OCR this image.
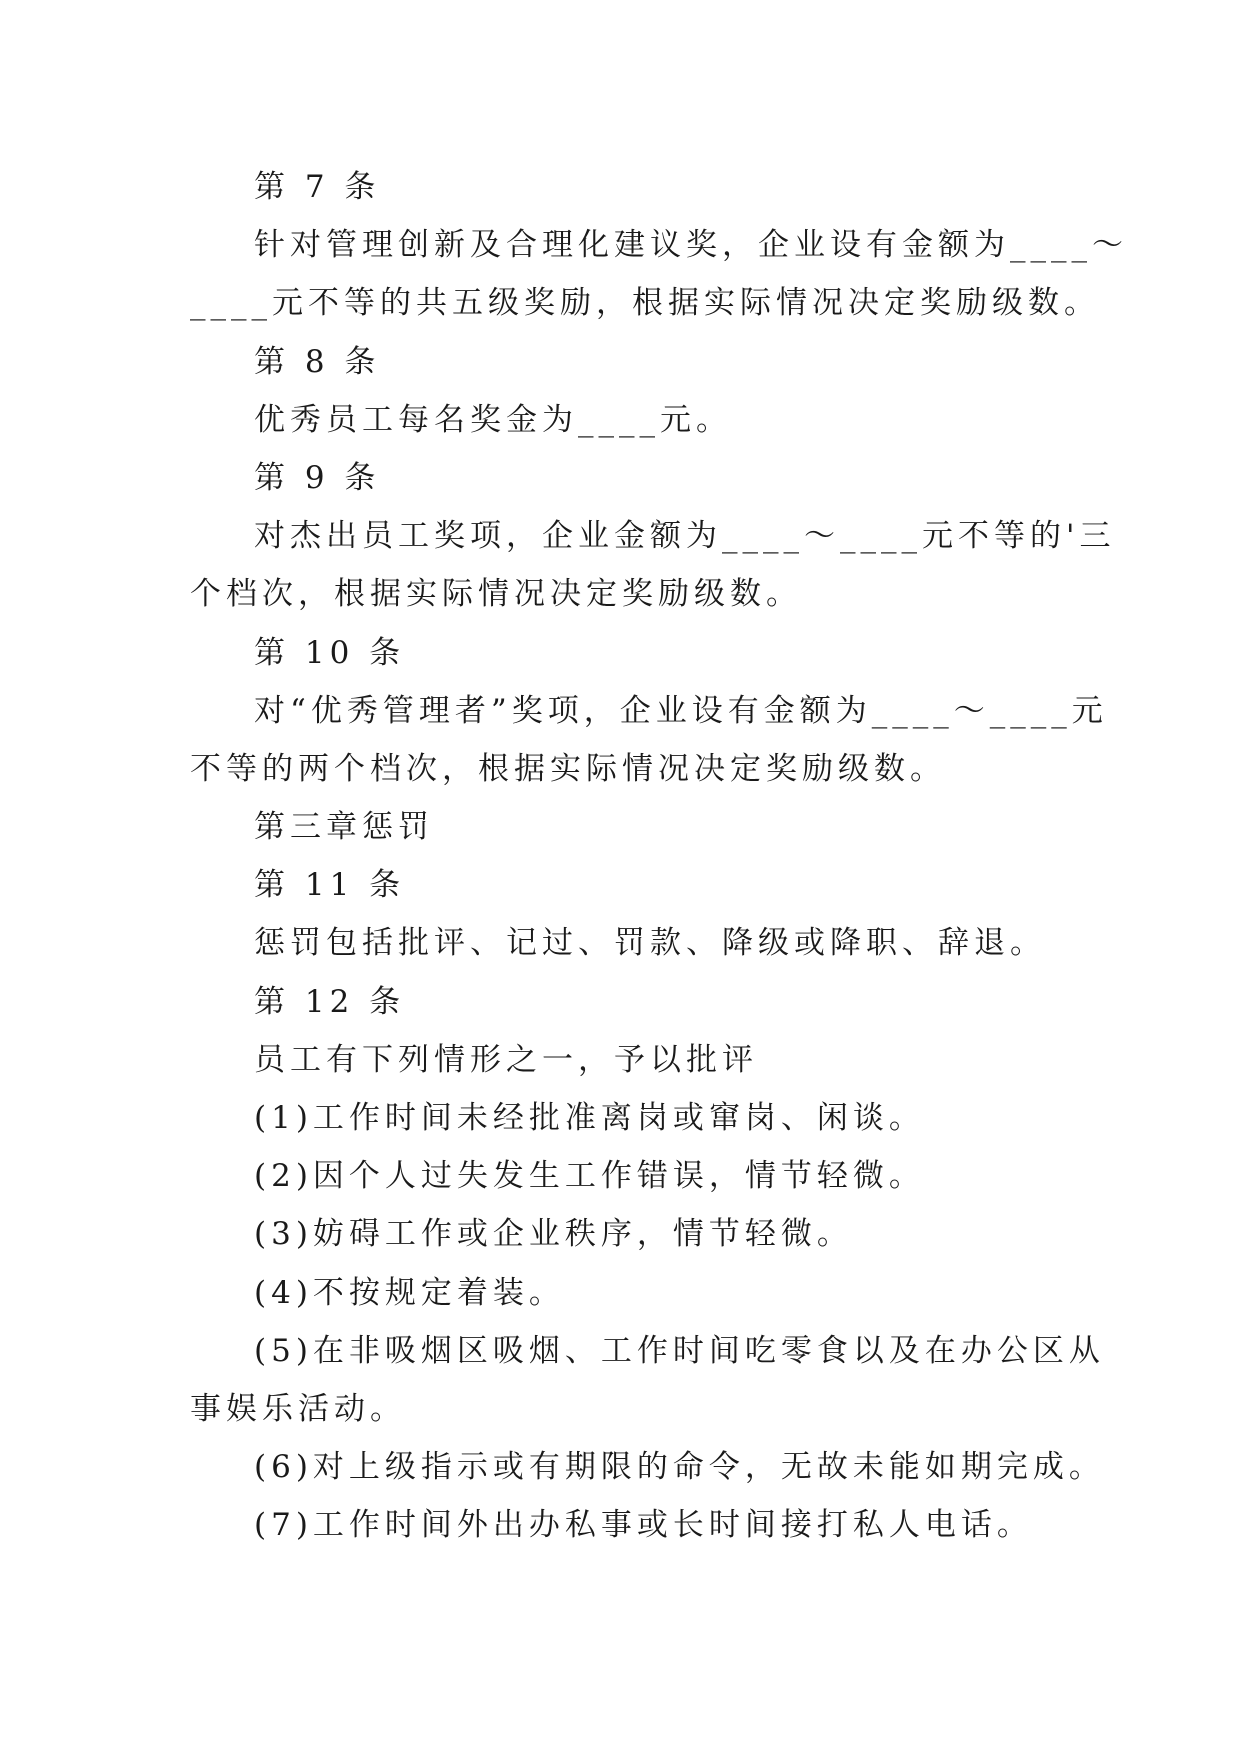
第 7 条
针对管理创新及合理化建议奖，企业设有金额为____～
____元不等的共五级奖励，根据实际情况决定奖励级数。
第 8 条
优秀员工每名奖金为____元。
第 9 条
对杰出员工奖项，企业金额为____～____元不等的'三
个档次，根据实际情况决定奖励级数。
第 10 条
对“优秀管理者”奖项，企业设有金额为____～____元
不等的两个档次，根据实际情况决定奖励级数。
第三章惩罚
第 11 条
惩罚包括批评、记过、罚款、降级或降职、辞退。
第 12 条
员工有下列情形之一，予以批评
(1)工作时间未经批准离岗或窜岗、闲谈。
(2)因个人过失发生工作错误，情节轻微。
(3)妨碍工作或企业秩序，情节轻微。
(4)不按规定着装。
(5)在非吸烟区吸烟、工作时间吃零食以及在办公区从
事娱乐活动。
(6)对上级指示或有期限的命令，无故未能如期完成。
(7)工作时间外出办私事或长时间接打私人电话。
